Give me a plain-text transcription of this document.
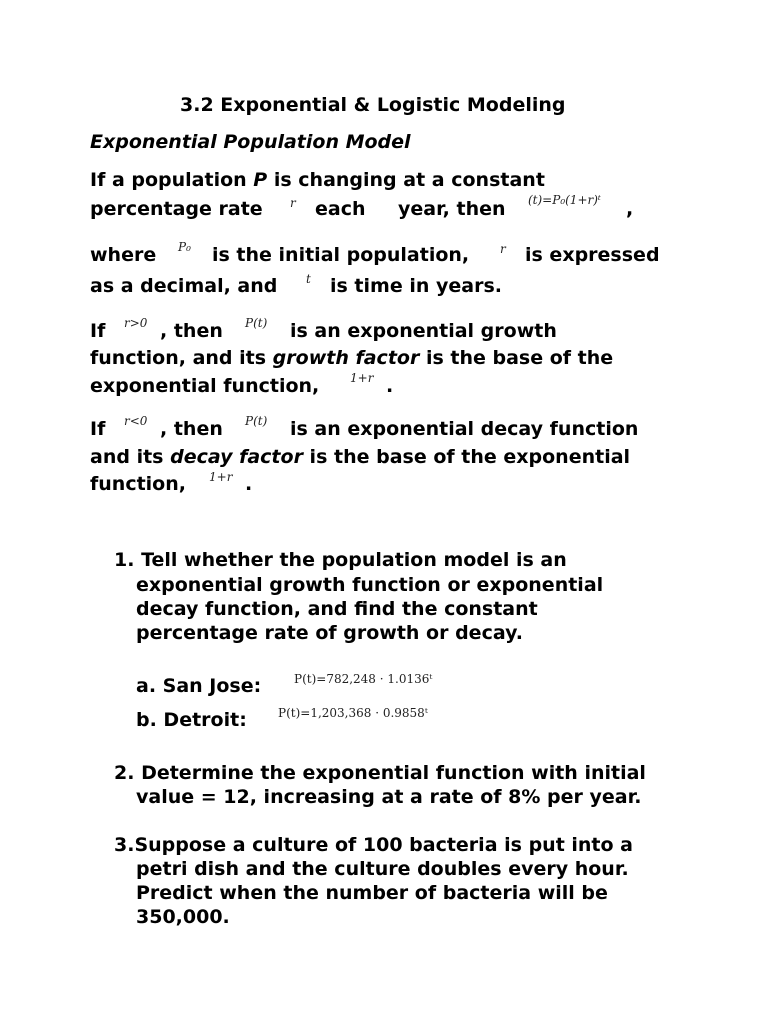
3.2 Exponential & Logistic Modeling
Exponential Population Model
If a population P is changing at a constant
percentage rate r each year, then (t)=P₀(1+r)ᵗ ,
where P₀ is the initial population,	r is expressed
as a decimal, and t is time in years.
If r>0 , then P(t) is an exponential growth
function, and its growth factor is the base of the
exponential function,	1+r .
If r<0 , then P(t) is an exponential decay function
and its decay factor is the base of the exponential
function, 1+r .
1. Tell whether the population model is an
exponential growth function or exponential
decay function, and find the constant
percentage rate of growth or decay.
a. San Jose:	P(t)=782,248 · 1.0136ᵗ
b. Detroit:	P(t)=1,203,368 · 0.9858ᵗ
2. Determine the exponential function with initial
value = 12, increasing at a rate of 8% per year.
3.Suppose a culture of 100 bacteria is put into a
petri dish and the culture doubles every hour.
Predict when the number of bacteria will be
350,000.
